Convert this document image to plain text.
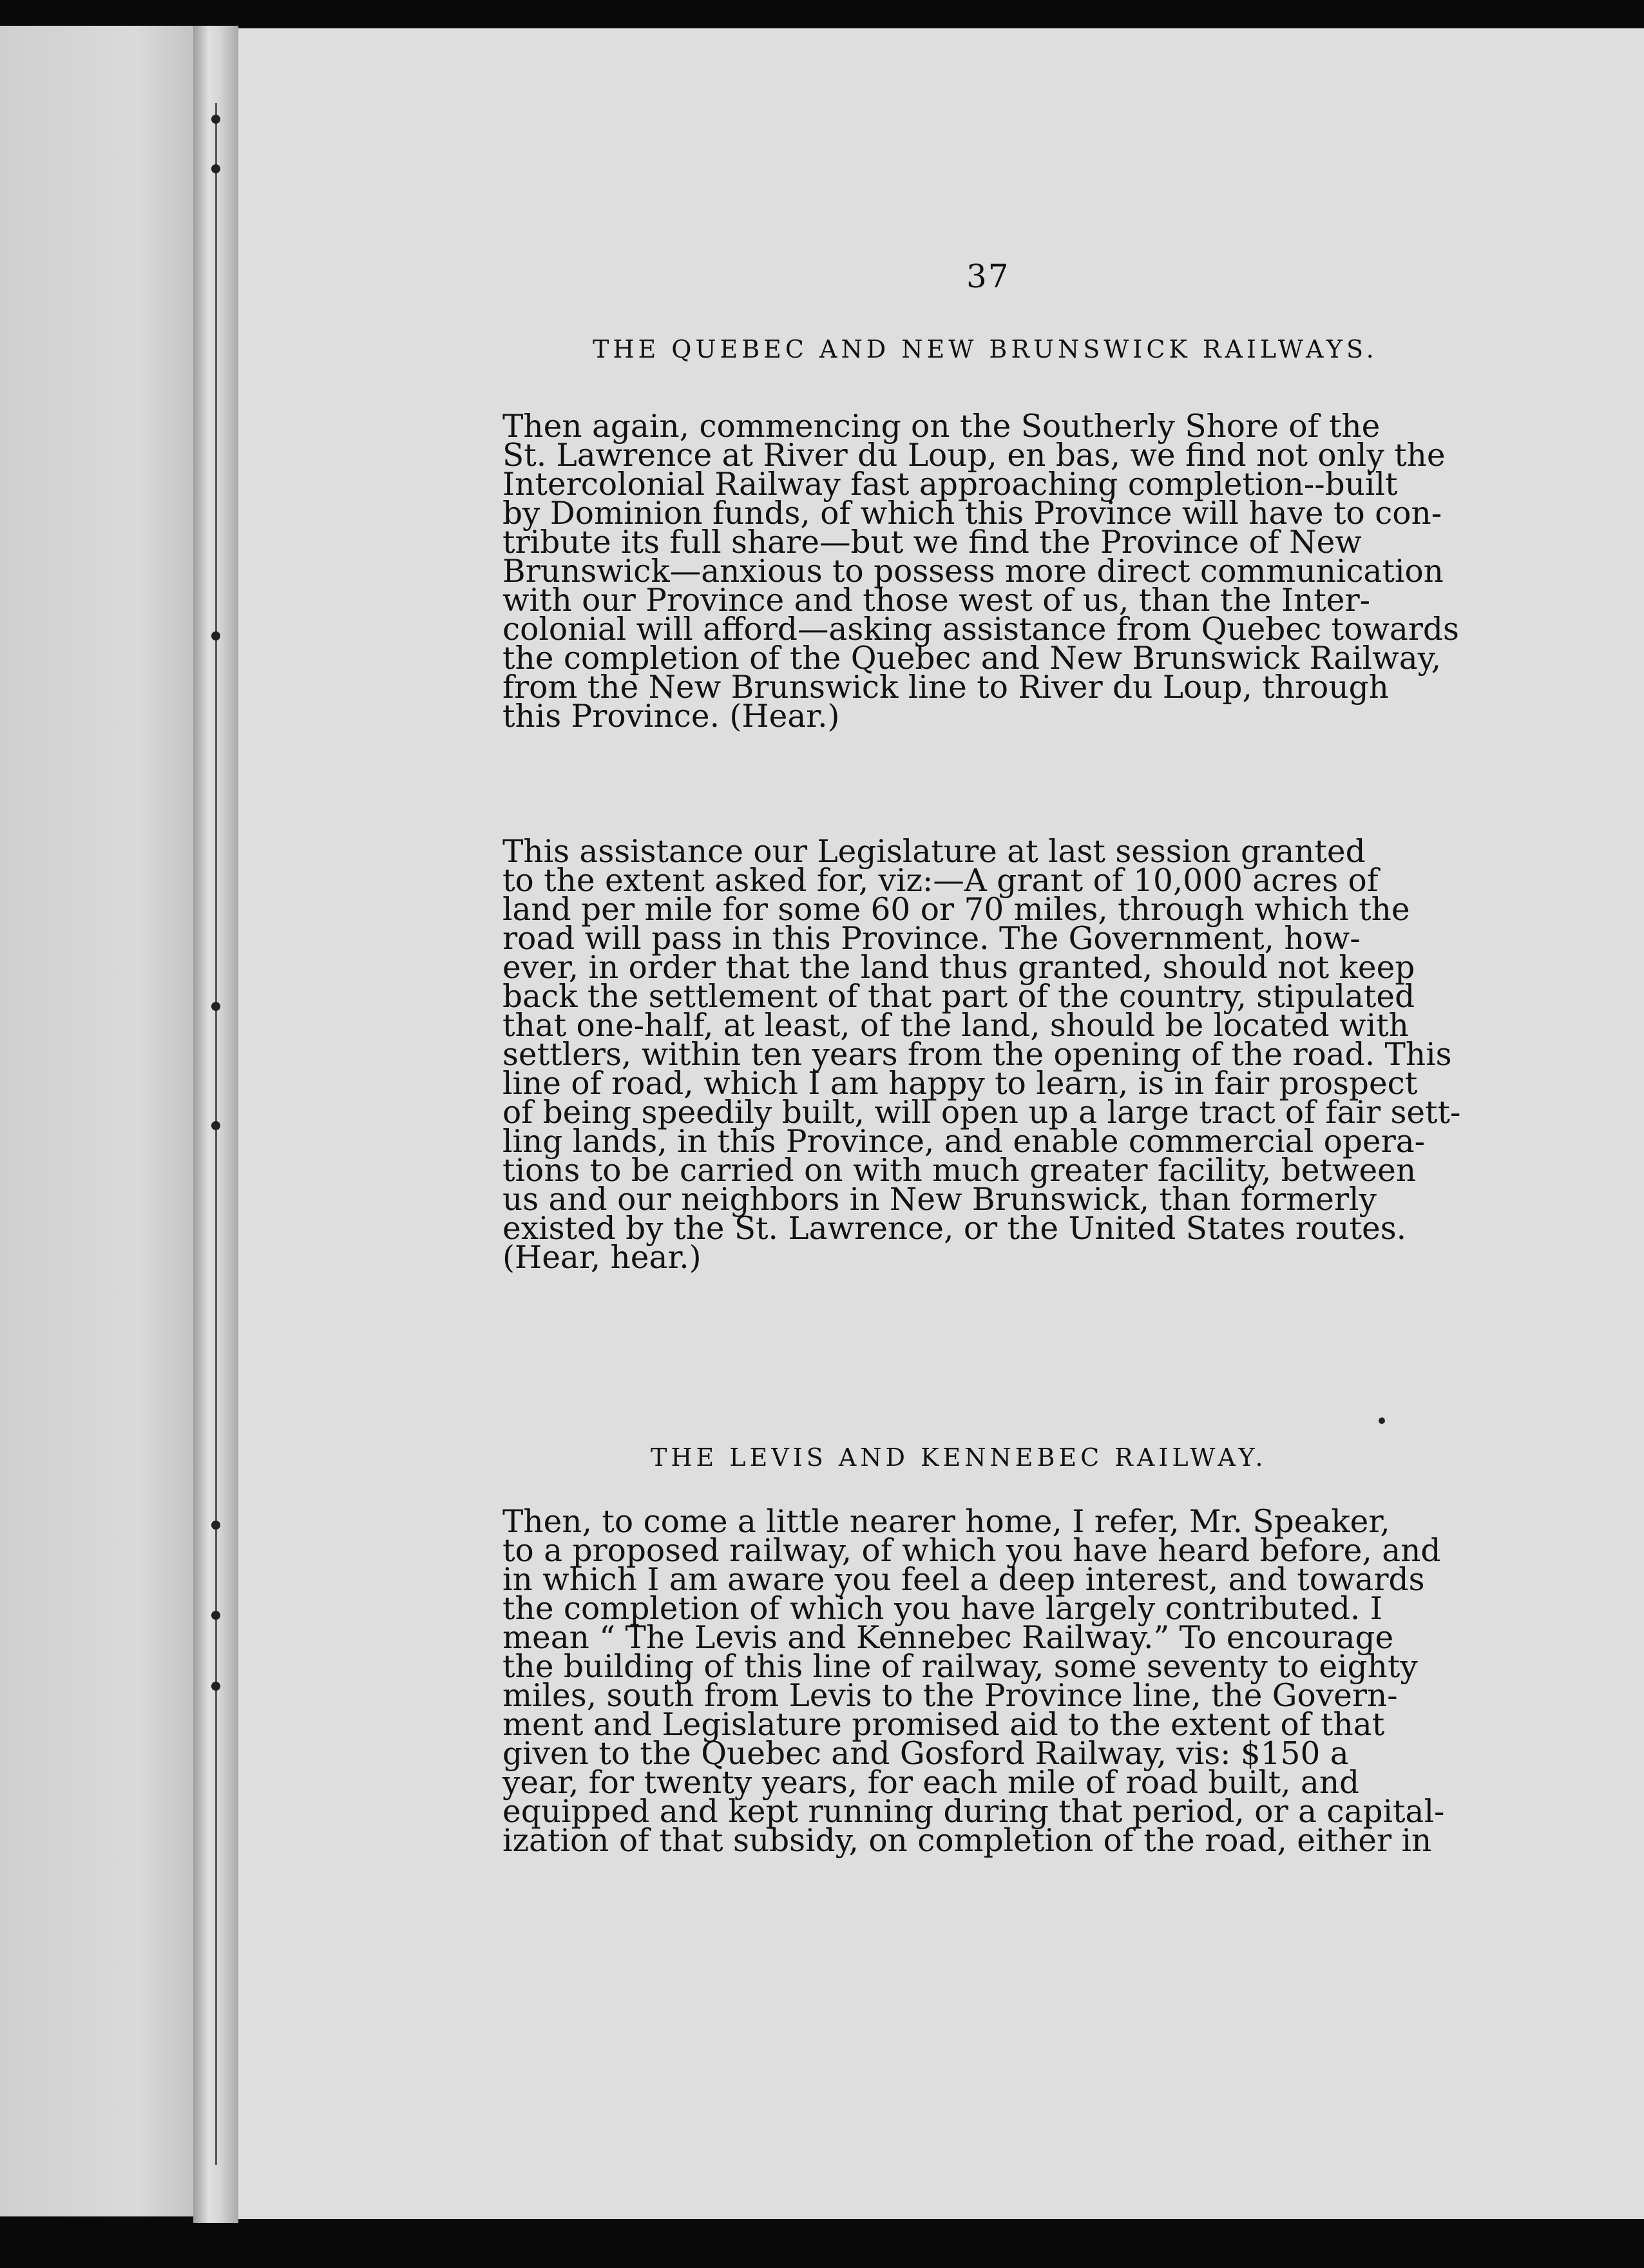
37
THE QUEBEC AND NEW BRUNSWICK RAILWAYS.

Then again, commencing on the Southerly Shore of the
St. Lawrence at River du Loup, en bas, we find not only the
Intercolonial Railway fast approaching completion--built
by Dominion funds, of which this Province will have to con-
tribute its full share—but we find the Province of New
Brunswick—anxious to possess more direct communication
with our Province and those west of us, than the Inter-
colonial will afford—asking assistance from Quebec towards
the completion of the Quebec and New Brunswick Railway,
from the New Brunswick line to River du Loup, through
this Province. (Hear.)

This assistance our Legislature at last session granted
to the extent asked for, viz:—A grant of 10,000 acres of
land per mile for some 60 or 70 miles, through which the
road will pass in this Province. The Government, how-
ever, in order that the land thus granted, should not keep
back the settlement of that part of the country, stipulated
that one-half, at least, of the land, should be located with
settlers, within ten years from the opening of the road. This
line of road, which I am happy to learn, is in fair prospect
of being speedily built, will open up a large tract of fair sett-
ling lands, in this Province, and enable commercial opera-
tions to be carried on with much greater facility, between
us and our neighbors in New Brunswick, than formerly
existed by the St. Lawrence, or the United States routes.
(Hear, hear.)

THE LEVIS AND KENNEBEC RAILWAY.

Then, to come a little nearer home, I refer, Mr. Speaker,
to a proposed railway, of which you have heard before, and
in which I am aware you feel a deep interest, and towards
the completion of which you have largely contributed. I
mean “ The Levis and Kennebec Railway.” To encourage
the building of this line of railway, some seventy to eighty
miles, south from Levis to the Province line, the Govern-
ment and Legislature promised aid to the extent of that
given to the Quebec and Gosford Railway, vis: $150 a
year, for twenty years, for each mile of road built, and
equipped and kept running during that period, or a capital-
ization of that subsidy, on completion of the road, either in
